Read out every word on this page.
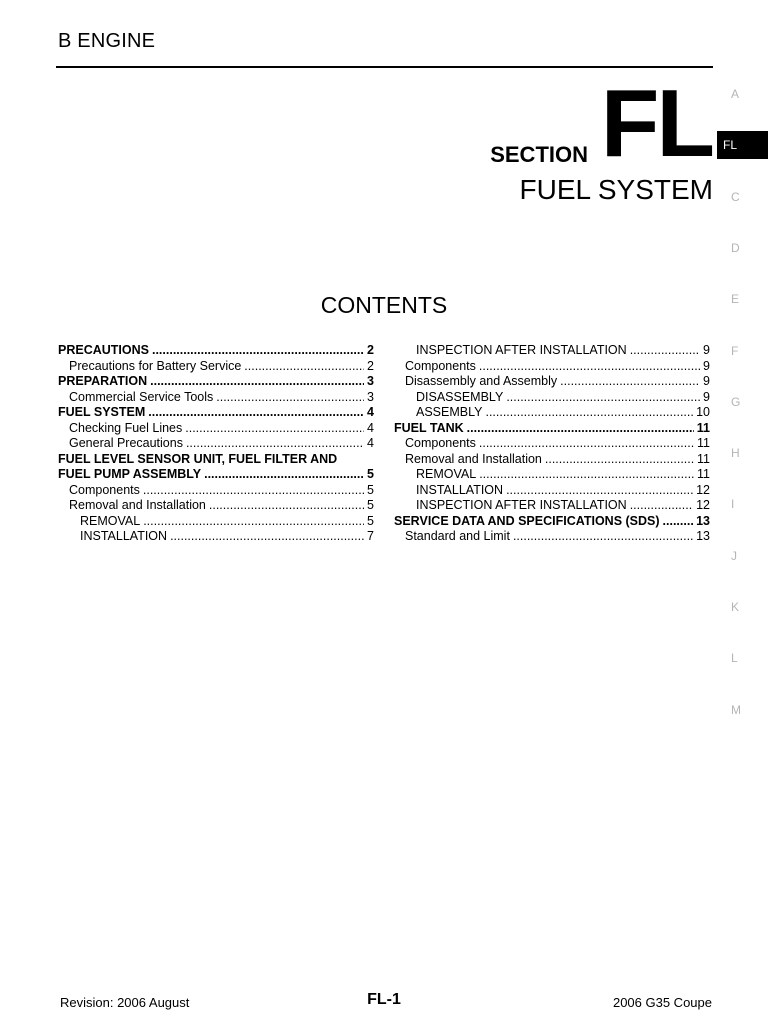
B ENGINE
SECTION FL
FUEL SYSTEM
CONTENTS
PRECAUTIONS .....	2
Precautions for Battery Service .....	2
PREPARATION .....	3
Commercial Service Tools .....	3
FUEL SYSTEM .....	4
Checking Fuel Lines .....	4
General Precautions .....	4
FUEL LEVEL SENSOR UNIT, FUEL FILTER AND
FUEL PUMP ASSEMBLY .....	5
Components .....	5
Removal and Installation .....	5
REMOVAL .....	5
INSTALLATION .....	7
INSPECTION AFTER INSTALLATION .....	9
Components .....	9
Disassembly and Assembly .....	9
DISASSEMBLY .....	9
ASSEMBLY .....	10
FUEL TANK .....	11
Components .....	11
Removal and Installation .....	11
REMOVAL .....	11
INSTALLATION .....	12
INSPECTION AFTER INSTALLATION .....	12
SERVICE DATA AND SPECIFICATIONS (SDS) .....	13
Standard and Limit .....	13
A
FL
C
D
E
F
G
H
I
J
K
L
M
Revision: 2006 August	FL-1	2006 G35 Coupe
